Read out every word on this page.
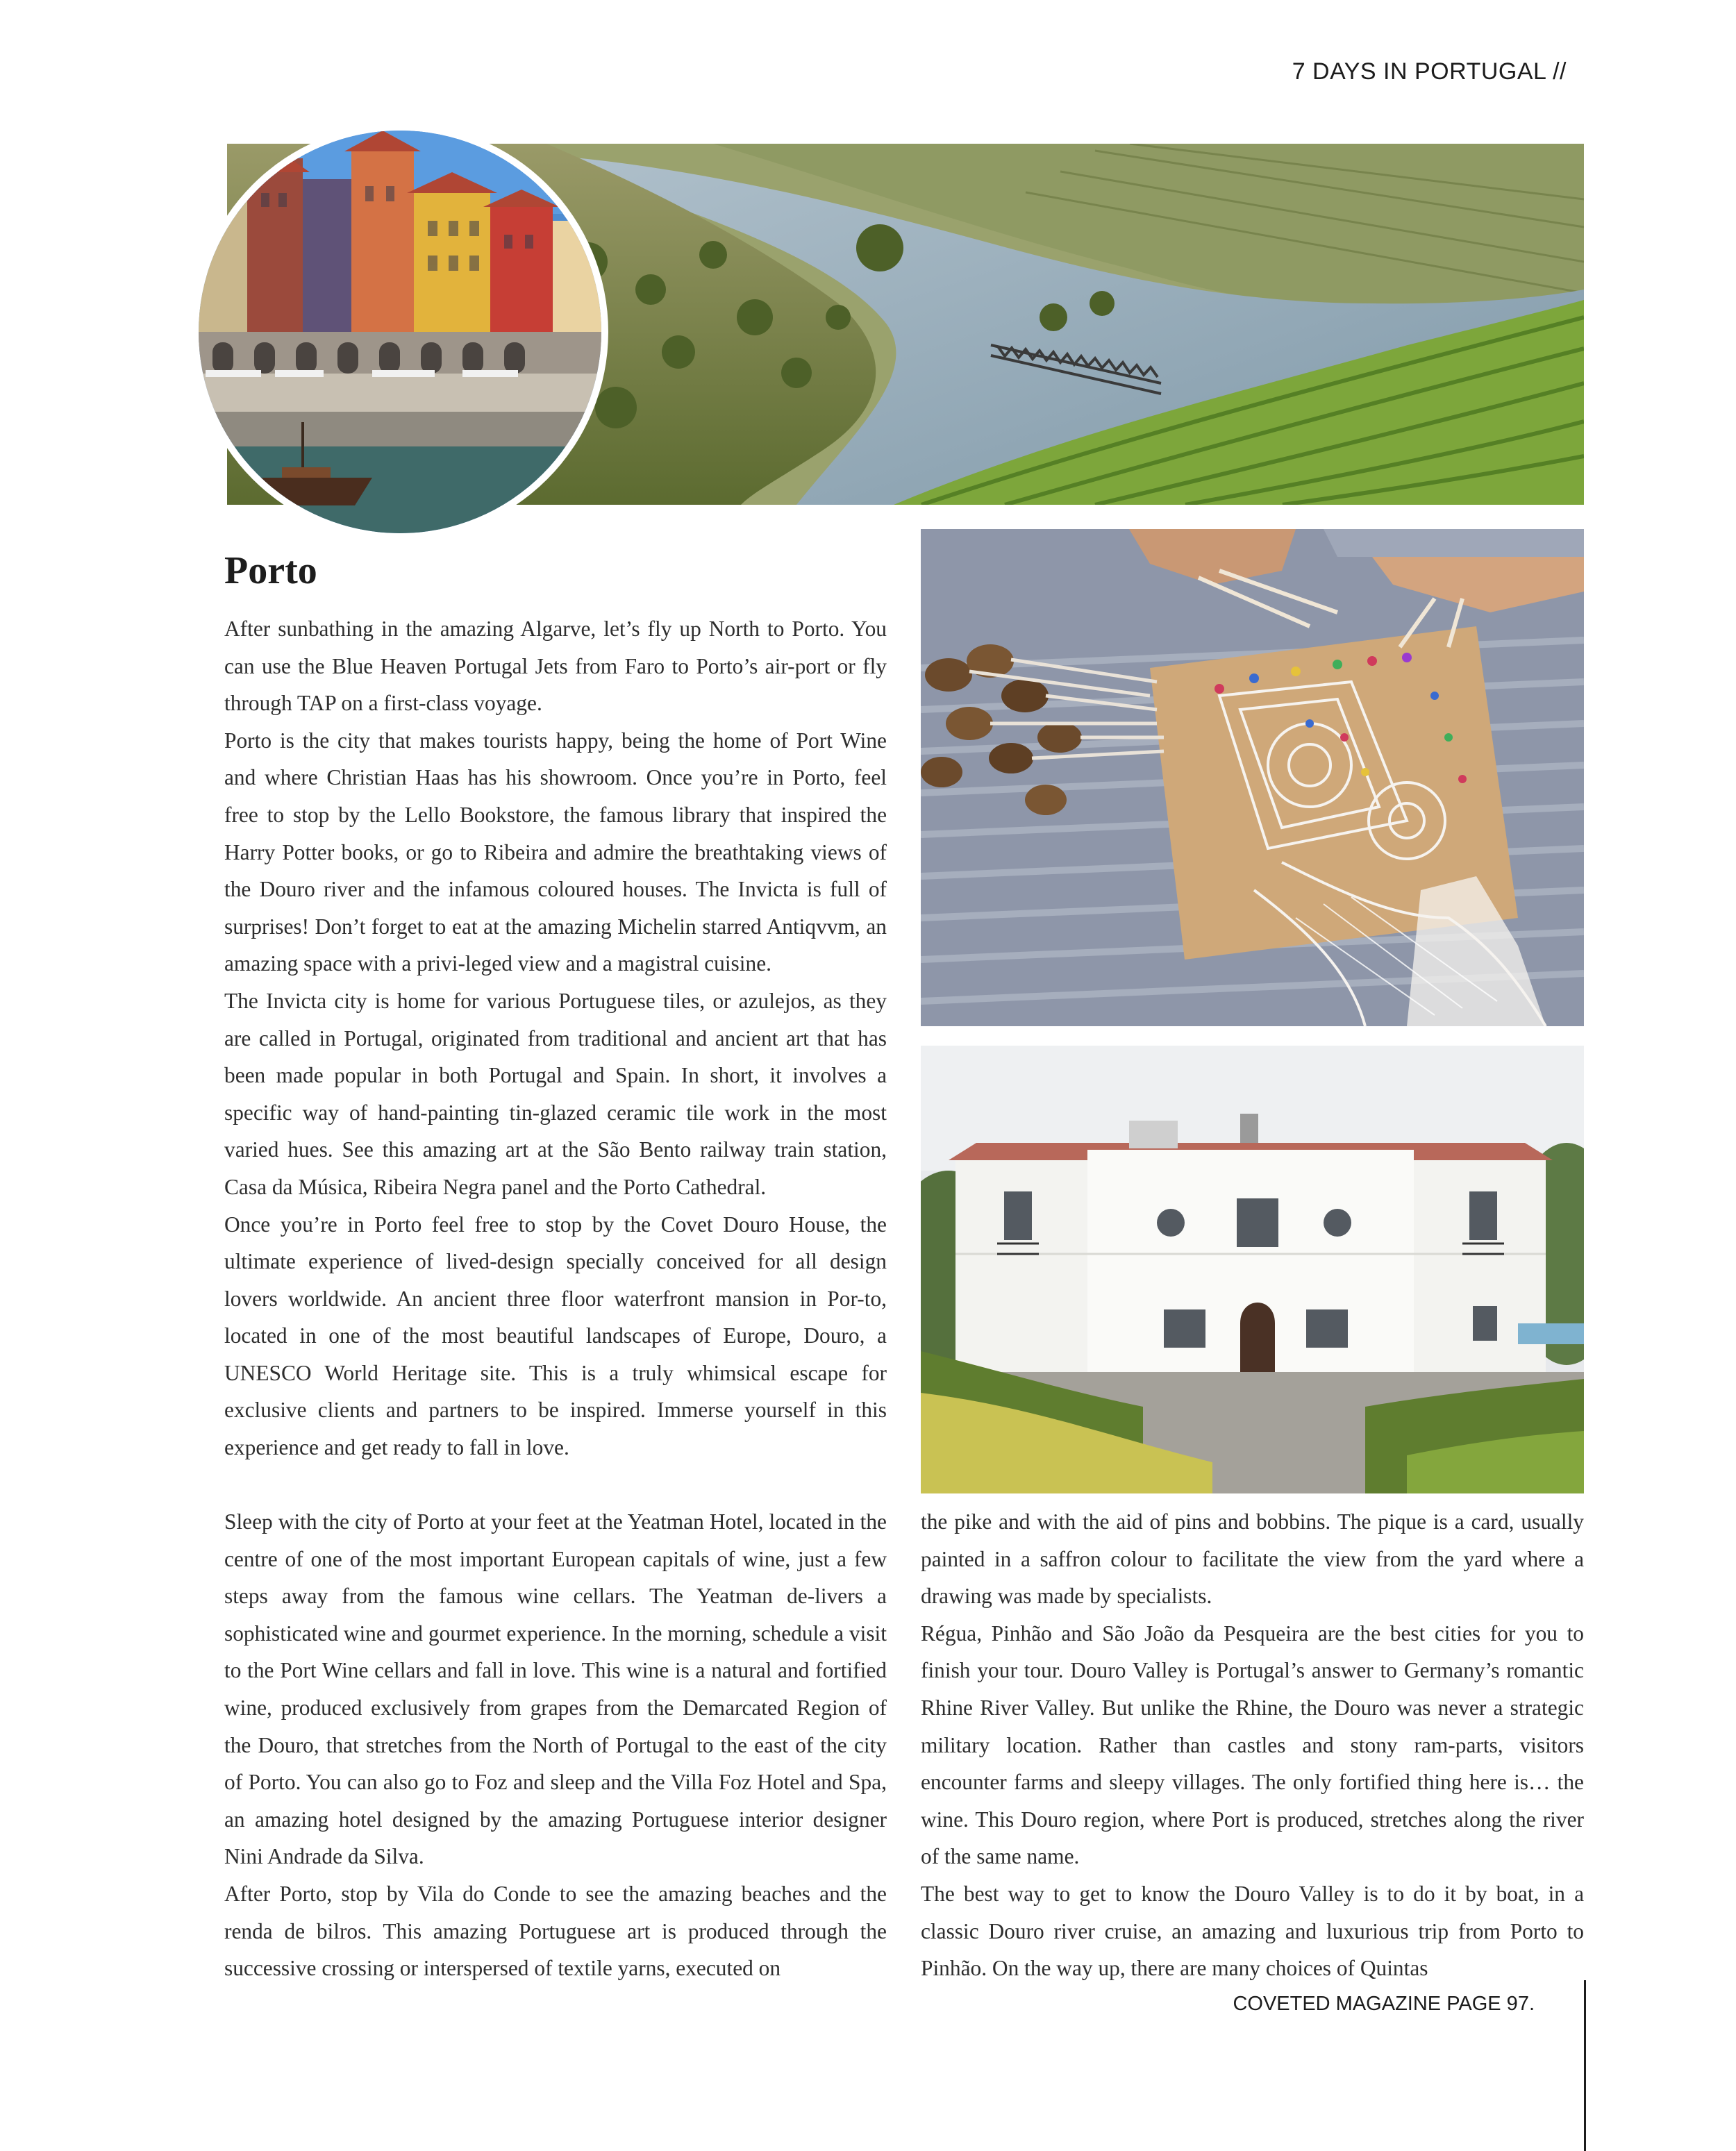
7 DAYS IN PORTUGAL //
Porto

After sunbathing in the amazing Algarve, let’s fly up North to Porto. You can use the Blue Heaven Portugal Jets from Faro to Porto’s air-port or fly through TAP on a first-class voyage.

Porto is the city that makes tourists happy, being the home of Port Wine and where Christian Haas has his showroom. Once you’re in Porto, feel free to stop by the Lello Bookstore, the famous library that inspired the Harry Potter books, or go to Ribeira and admire the breathtaking views of the Douro river and the infamous coloured houses. The Invicta is full of surprises! Don’t forget to eat at the amazing Michelin starred Antiqvvm, an amazing space with a privi-leged view and a magistral cuisine.

The Invicta city is home for various Portuguese tiles, or azulejos, as they are called in Portugal, originated from traditional and ancient art that has been made popular in both Portugal and Spain. In short, it involves a specific way of hand-painting tin-glazed ceramic tile work in the most varied hues. See this amazing art at the São Bento railway train station, Casa da Música, Ribeira Negra panel and the Porto Cathedral.

Once you’re in Porto feel free to stop by the Covet Douro House, the ultimate experience of lived-design specially conceived for all design lovers worldwide. An ancient three floor waterfront mansion in Por-to, located in one of the most beautiful landscapes of Europe, Douro, a UNESCO World Heritage site. This is a truly whimsical escape for exclusive clients and partners to be inspired. Immerse yourself in this experience and get ready to fall in love.

Sleep with the city of Porto at your feet at the Yeatman Hotel, located in the centre of one of the most important European capitals of wine, just a few steps away from the famous wine cellars. The Yeatman de-livers a sophisticated wine and gourmet experience. In the morning, schedule a visit to the Port Wine cellars and fall in love. This wine is a natural and fortified wine, produced exclusively from grapes from the Demarcated Region of the Douro, that stretches from the North of Portugal to the east of the city of Porto. You can also go to Foz and sleep and the Villa Foz Hotel and Spa, an amazing hotel designed by the amazing Portuguese interior designer Nini Andrade da Silva.

After Porto, stop by Vila do Conde to see the amazing beaches and the renda de bilros. This amazing Portuguese art is produced through the successive crossing or interspersed of textile yarns, executed on

the pike and with the aid of pins and bobbins. The pique is a card, usually painted in a saffron colour to facilitate the view from the yard where a drawing was made by specialists.

Régua, Pinhão and São João da Pesqueira are the best cities for you to finish your tour. Douro Valley is Portugal’s answer to Germany’s romantic Rhine River Valley. But unlike the Rhine, the Douro was never a strategic military location. Rather than castles and stony ram-parts, visitors encounter farms and sleepy villages. The only fortified thing here is… the wine. This Douro region, where Port is produced, stretches along the river of the same name.

The best way to get to know the Douro Valley is to do it by boat, in a classic Douro river cruise, an amazing and luxurious trip from Porto to Pinhão. On the way up, there are many choices of Quintas

COVETED MAGAZINE PAGE 97.
